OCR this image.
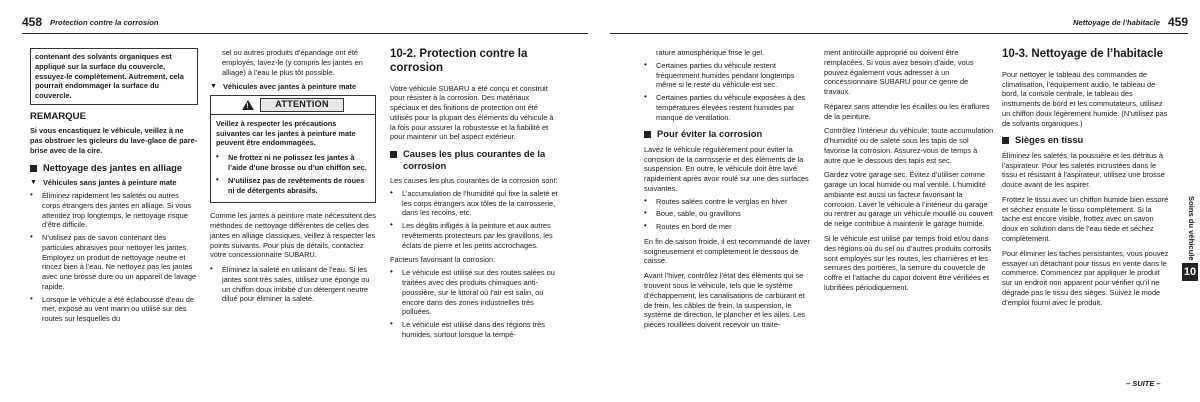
458 Protection contre la corrosion

contenant des solvants organiques est appliqué sur la surface du couvercle, essuyez-le complètement. Autrement, cela pourrait endommager la surface du couvercle.

REMARQUE

Si vous encastiquez le véhicule, veillez à ne pas obstruer les gicleurs du lave-glace de pare-brise avec de la cire.

Nettoyage des jantes en alliage
▼ Véhicules sans jantes à peinture mate
•	Éliminez rapidement les saletés ou autres corps étrangers des jantes en alliage. Si vous attendez trop longtemps, le nettoyage risque d’être difficile.
•	N’utilisez pas de savon contenant des particules abrasives pour nettoyer les jantes. Employez un produit de nettoyage neutre et rincez bien à l’eau. Ne nettoyez pas les jantes avec une brosse dure ou un appareil de lavage rapide.
•	Lorsque le véhicule a été éclaboussé d’eau de mer, exposé au vent marin ou utilisé sur des routes sur lesquelles du

sel ou autres produits d’épandage ont été employés, lavez-le (y compris les jantes en alliage) à l’eau le plus tôt possible.

▼ Véhicules avec jantes à peinture mate
!	ATTENTION

Veillez à respecter les précautions suivantes car les jantes à peinture mate peuvent être endommagées.

•	Ne frottez ni ne polissez les jantes à l’aide d’une brosse ou d’un chiffon sec.
•	N’utilisez pas de revêtements de roues ni de détergents abrasifs.

Comme les jantes à peinture mate nécessitent des méthodes de nettoyage différentes de celles des jantes en alliage classiques, veillez à respecter les points suivants. Pour plus de détails, contactez votre concessionnaire SUBARU.

•	Éliminez la saleté en utilisant de l’eau. Si les jantes sont très sales, utilisez une éponge ou un chiffon doux imbibé d’un détergent neutre dilué pour éliminer la saleté.
10-2. Protection contre la corrosion

Votre véhicule SUBARU a été conçu et construit pour résister à la corrosion. Des matériaux spéciaux et des finitions de protection ont été utilisés pour la plupart des éléments du véhicule à la fois pour assurer la robustesse et la fiabilité et pour maintenir un bel aspect extérieur.

Causes les plus courantes de la corrosion

Les causes les plus courantes de la corrosion sont:

•	L’accumulation de l’humidité qui fixe la saleté et les corps étrangers aux tôles de la carrosserie, dans les recoins, etc.
•	Les dégâts infligés à la peinture et aux autres revêtements protecteurs par les gravillons, les éclats de pierre et les petits accrochages.

Facteurs favorisant la corrosion:

•	Le véhicule est utilisé sur des routes salées ou traitées avec des produits chimiques anti-poussière, sur le littoral où l’air est salin, ou encore dans des zones industrielles très polluées.
•	Le véhicule est utilisé dans des régions très humides, surtout lorsque la tempé-
Nettoyage de l’habitacle 459

rature atmosphérique frise le gel.

•	Certaines parties du véhicule restent fréquemment humides pendant longtemps même si le reste du véhicule est sec.
•	Certaines parties du véhicule exposées à des températures élevées restent humides par manque de ventilation.
Pour éviter la corrosion

Lavez le véhicule régulièrement pour éviter la corrosion de la carrosserie et des éléments de la suspension. En outre, le véhicule doit être lavé rapidement après avoir roulé sur une des surfaces suivantes.

•	Routes salées contre le verglas en hiver
•	Boue, sable, ou gravillons
•	Routes en bord de mer

En fin de saison froide, il est recommandé de laver soigneusement et complètement le dessous de caisse.

Avant l’hiver, contrôlez l’état des éléments qui se trouvent sous le véhicule, tels que le système d’échappement, les canalisations de carburant et de frein, les câbles de frein, la suspension, le système de direction, le plancher et les ailes. Les pièces rouillées doivent recevoir un traite-

ment antirouille approprié ou doivent être remplacées. Si vous avez besoin d’aide, vous pouvez également vous adresser à un concessionnaire SUBARU pour ce genre de travaux.

Réparez sans attendre les écailles ou les éraflures de la peinture.

Contrôlez l’intérieur du véhicule; toute accumulation d’humidité ou de saleté sous les tapis de sol favorise la corrosion. Assurez-vous de temps à autre que le dessous des tapis est sec.

Gardez votre garage sec. Évitez d’utiliser comme garage un local humide ou mal ventilé. L’humidité ambiante est aussi un facteur favorisant la corrosion. Laver le véhicule à l’intérieur du garage ou rentrer au garage un véhicule mouillé ou couvert de neige contribue à maintenir le garage humide.

Si le véhicule est utilisé par temps froid et/ou dans des régions où du sel ou d’autres produits corrosifs sont employés sur les routes, les charnières et les serrures des portières, la serrure du couvercle de coffre et l’attache du capot doivent être vérifiées et lubrifiées périodiquement.

10-3. Nettoyage de l’habitacle

Pour nettoyer le tableau des commandes de climatisation, l’équipement audio, le tableau de bord, la console centrale, le tableau des instruments de bord et les commutateurs, utilisez un chiffon doux légèrement humide. (N’utilisez pas de solvants organiques.)

Sièges en tissu

Éliminez les saletés, la poussière et les détritus à l’aspirateur. Pour les saletés incrustées dans le tissu et résistant à l’aspirateur, utilisez une brosse douce avant de les aspirer.

Frottez le tissu avec un chiffon humide bien essoré et séchez ensuite le tissu complètement. Si la tache est encore visible, frottez avec un savon doux en solution dans de l’eau tiède et séchez complètement.

Pour éliminer les taches persistantes, vous pouvez essayer un détachant pour tissus en vente dans le commerce. Commencez par appliquer le produit sur un endroit non apparent pour vérifier qu’il ne dégrade pas le tissu des sièges. Suivez le mode d’emploi fourni avec le produit.

Soins du véhicule
10
– SUITE –
